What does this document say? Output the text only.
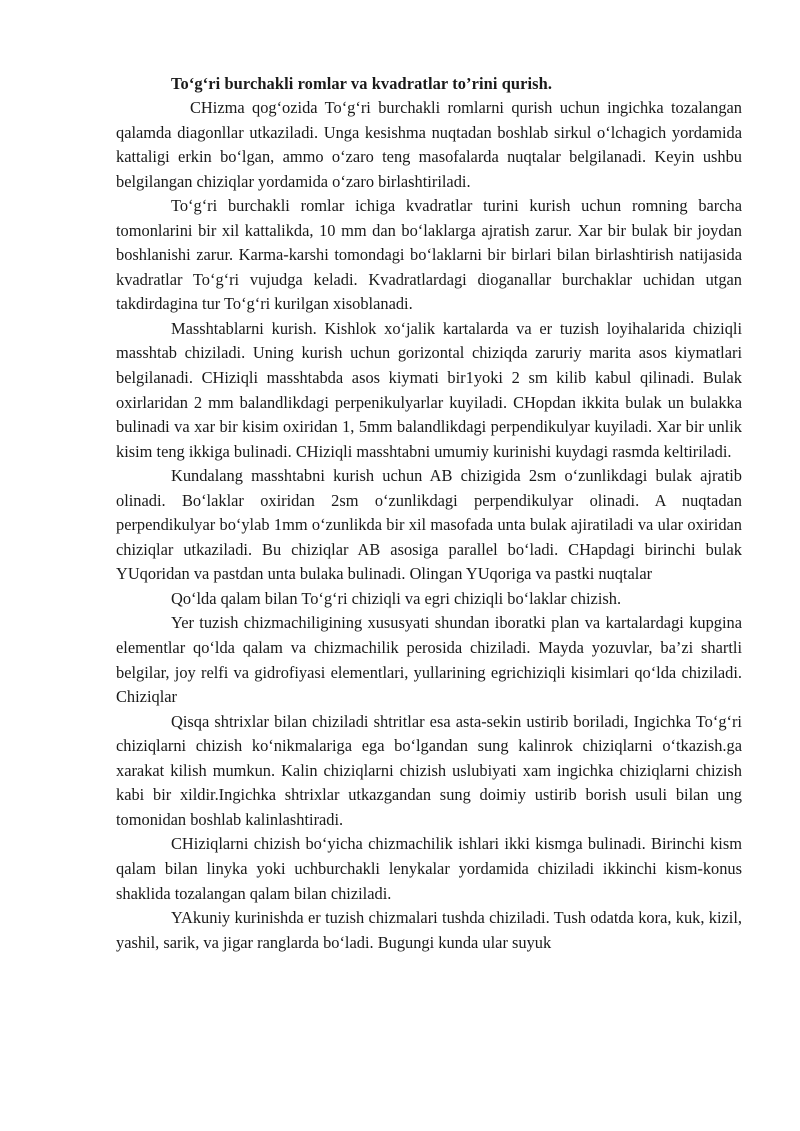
To‘g‘ri burchakli romlar va kvadratlar to’rini qurish.

CHizma qog‘ozida To‘g‘ri burchakli romlarni qurish uchun ingichka tozalangan qalamda diagonllar utkaziladi. Unga kesishma nuqtadan boshlab sirkul o‘lchagich yordamida kattaligi erkin bo‘lgan, ammo o‘zaro teng masofalarda nuqtalar belgilanadi. Keyin ushbu belgilangan chiziqlar yordamida o‘zaro birlashtiriladi.

To‘g‘ri burchakli romlar ichiga kvadratlar turini kurish uchun romning barcha tomonlarini bir xil kattalikda, 10 mm dan bo‘laklarga ajratish zarur. Xar bir bulak bir joydan boshlanishi zarur. Karma-karshi tomondagi bo‘laklarni bir birlari bilan birlashtirish natijasida kvadratlar To‘g‘ri vujudga keladi. Kvadratlardagi dioganallar burchaklar uchidan utgan takdirdagina tur To‘g‘ri kurilgan xisoblanadi.

Masshtablarni kurish. Kishlok xo‘jalik kartalarda va er tuzish loyihalarida chiziqli masshtab chiziladi. Uning kurish uchun gorizontal chiziqda zaruriy marita asos kiymatlari belgilanadi. CHiziqli masshtabda asos kiymati bir1yoki 2 sm kilib kabul qilinadi. Bulak oxirlaridan 2 mm balandlikdagi perpenikulyarlar kuyiladi. CHopdan ikkita bulak un bulakka bulinadi va xar bir kisim oxiridan 1, 5mm balandlikdagi perpendikulyar kuyiladi. Xar bir unlik kisim teng ikkiga bulinadi. CHiziqli masshtabni umumiy kurinishi kuydagi rasmda keltiriladi.

Kundalang masshtabni kurish uchun AB chizigida 2sm o‘zunlikdagi bulak ajratib olinadi. Bo‘laklar oxiridan 2sm o‘zunlikdagi perpendikulyar olinadi. A nuqtadan perpendikulyar bo‘ylab 1mm o‘zunlikda bir xil masofada unta bulak ajiratiladi va ular oxiridan chiziqlar utkaziladi. Bu chiziqlar AB asosiga parallel bo‘ladi. CHapdagi birinchi bulak YUqoridan va pastdan unta bulaka bulinadi. Olingan YUqoriga va pastki nuqtalar

Qo‘lda qalam bilan To‘g‘ri chiziqli va egri chiziqli bo‘laklar chizish.

Yer tuzish chizmachiligining xususyati shundan iboratki plan va kartalardagi kupgina elementlar qo‘lda qalam va chizmachilik perosida chiziladi. Mayda yozuvlar, ba’zi shartli belgilar, joy relfi va gidrofiyasi elementlari, yullarining egrichiziqli kisimlari qo‘lda chiziladi. Chiziqlar

Qisqa shtrixlar bilan chiziladi shtritlar esa asta-sekin ustirib boriladi, Ingichka To‘g‘ri chiziqlarni chizish ko‘nikmalariga ega bo‘lgandan sung kalinrok chiziqlarni o‘tkazish.ga xarakat kilish mumkun. Kalin chiziqlarni chizish uslubiyati xam ingichka chiziqlarni chizish kabi bir xildir.Ingichka shtrixlar utkazgandan sung doimiy ustirib borish usuli bilan ung tomonidan boshlab kalinlashtiradi.

CHiziqlarni chizish bo‘yicha chizmachilik ishlari ikki kismga bulinadi. Birinchi kism qalam bilan linyka yoki uchburchakli lenykalar yordamida chiziladi ikkinchi kism-konus shaklida tozalangan qalam bilan chiziladi.

YAkuniy kurinishda er tuzish chizmalari tushda chiziladi. Tush odatda kora, kuk, kizil, yashil, sarik, va jigar ranglarda bo‘ladi. Bugungi kunda ular suyuk
